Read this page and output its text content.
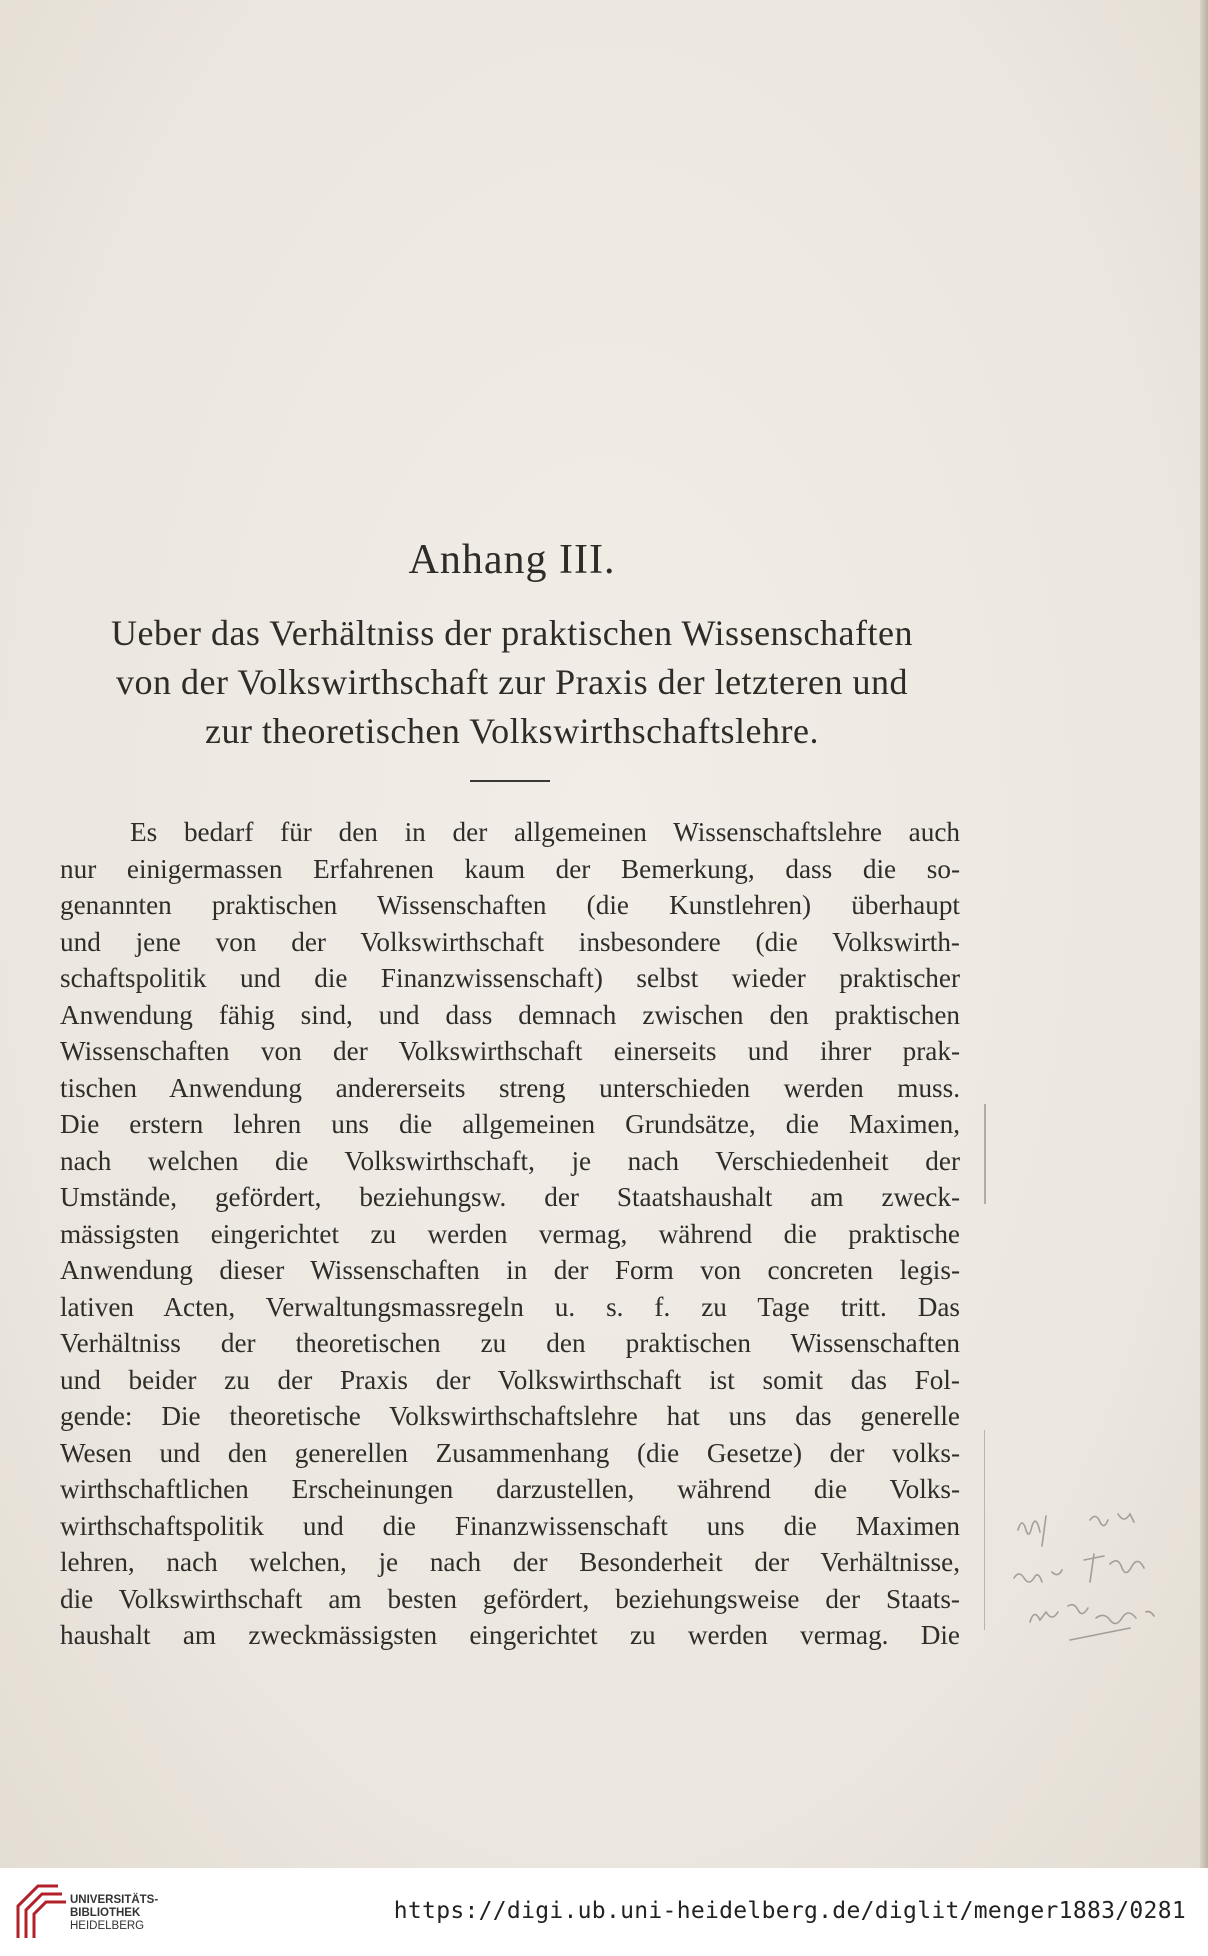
Anhang III.
Ueber das Verhältniss der praktischen Wissenschaften
von der Volkswirthschaft zur Praxis der letzteren und
zur theoretischen Volkswirthschaftslehre.
Es bedarf für den in der allgemeinen Wissenschaftslehre auch
nur einigermassen Erfahrenen kaum der Bemerkung, dass die so-
genannten praktischen Wissenschaften (die Kunstlehren) überhaupt
und jene von der Volkswirthschaft insbesondere (die Volkswirth-
schaftspolitik und die Finanzwissenschaft) selbst wieder praktischer
Anwendung fähig sind, und dass demnach zwischen den praktischen
Wissenschaften von der Volkswirthschaft einerseits und ihrer prak-
tischen Anwendung andererseits streng unterschieden werden muss.
Die erstern lehren uns die allgemeinen Grundsätze, die Maximen,
nach welchen die Volkswirthschaft, je nach Verschiedenheit der
Umstände, gefördert, beziehungsw. der Staatshaushalt am zweck-
mässigsten eingerichtet zu werden vermag, während die praktische
Anwendung dieser Wissenschaften in der Form von concreten legis-
lativen Acten, Verwaltungsmassregeln u. s. f. zu Tage tritt. Das
Verhältniss der theoretischen zu den praktischen Wissenschaften
und beider zu der Praxis der Volkswirthschaft ist somit das Fol-
gende: Die theoretische Volkswirthschaftslehre hat uns das generelle
Wesen und den generellen Zusammenhang (die Gesetze) der volks-
wirthschaftlichen Erscheinungen darzustellen, während die Volks-
wirthschaftspolitik und die Finanzwissenschaft uns die Maximen
lehren, nach welchen, je nach der Besonderheit der Verhältnisse,
die Volkswirthschaft am besten gefördert, beziehungsweise der Staats-
haushalt am zweckmässigsten eingerichtet zu werden vermag. Die
UNIVERSITÄTS-
BIBLIOTHEK
HEIDELBERG
https://digi.ub.uni-heidelberg.de/diglit/menger1883/0281
